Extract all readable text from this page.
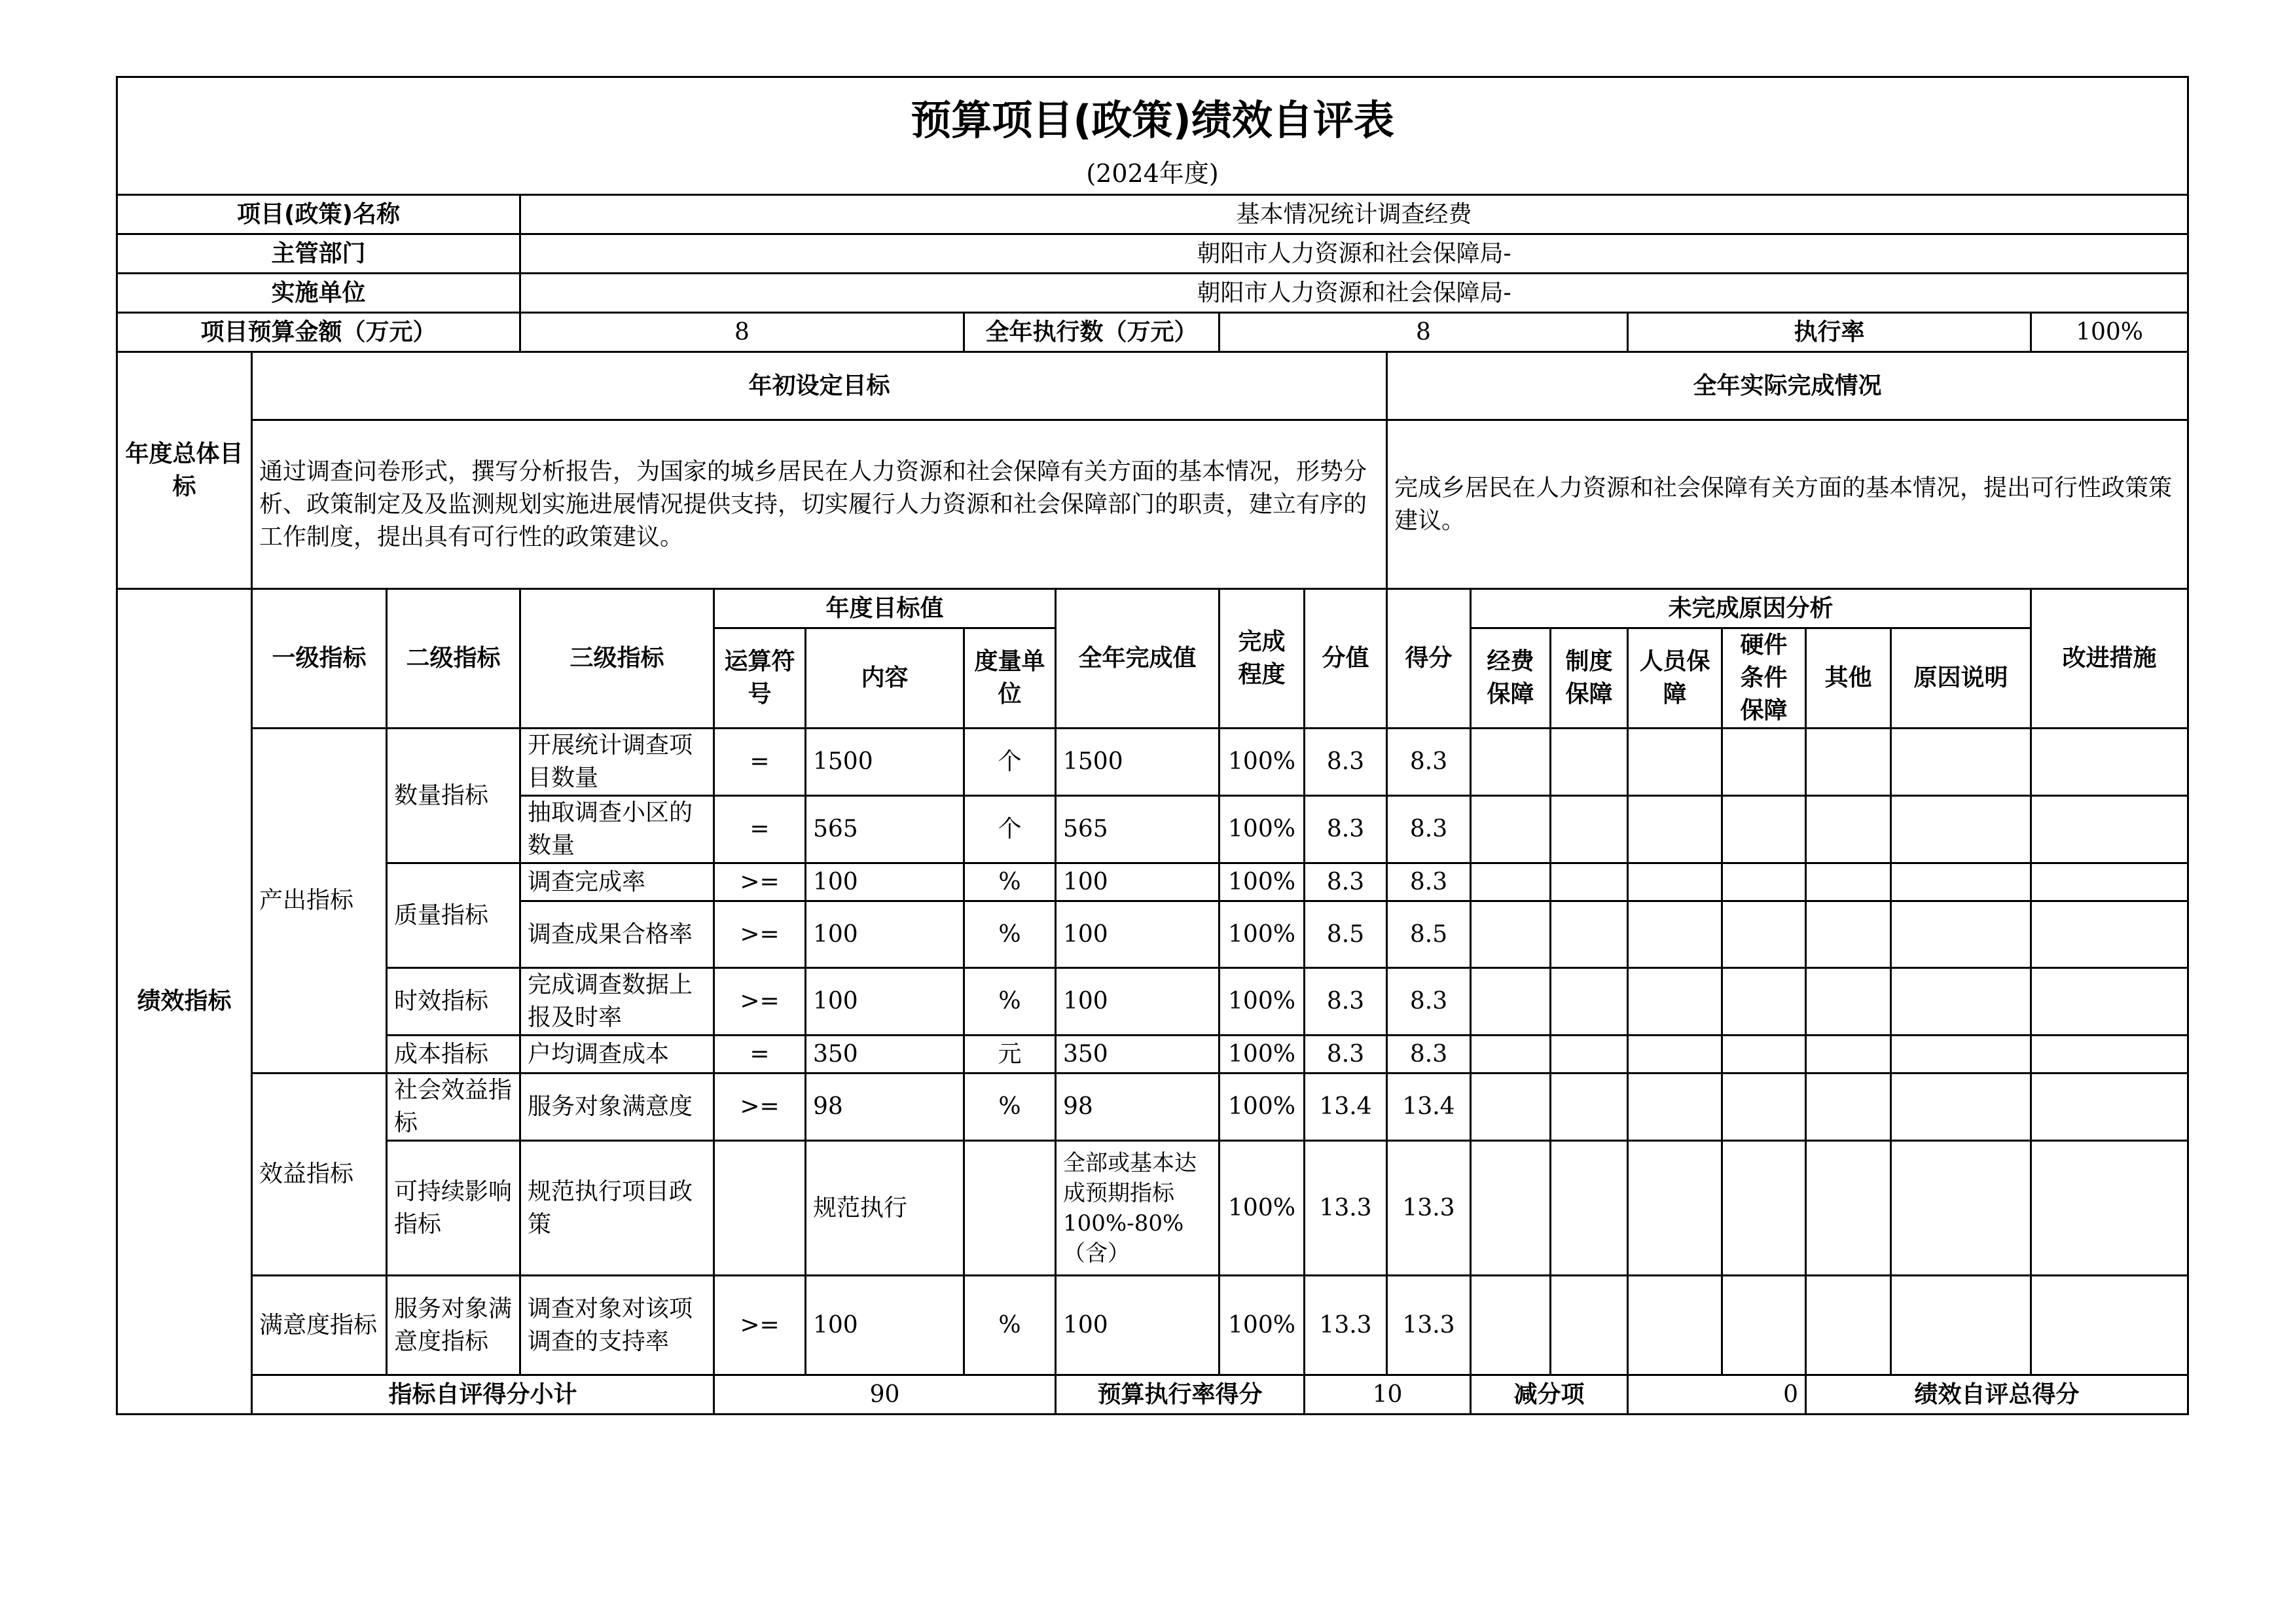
预算项目(政策)绩效自评表																		
(2024年度)																		
项目(政策)名称			基本情况统计调查经费															
主管部门			朝阳市人力资源和社会保障局-															
实施单位			朝阳市人力资源和社会保障局-															
项目预算金额（万元）			8			全年执行数（万元）		8					执行率				100%	
年度总体目标	年初设定目标									全年实际完成情况								
	通过调查问卷形式，撰写分析报告，为国家的城乡居民在人力资源和社会保障有关方面的基本情况，形势分析、政策制定及及监测规划实施进展情况提供支持，切实履行人力资源和社会保障部门的职责，建立有序的工作制度，提出具有可行性的政策建议。									完成乡居民在人力资源和社会保障有关方面的基本情况，提出可行性政策策建议。								
绩效指标	一级指标	二级指标	三级指标	年度目标值			全年完成值	完成程度	分值	得分	未完成原因分析						改进措施	
				运算符号	内容	度量单位					经费保障	制度保障	人员保障	硬件条件保障	其他	原因说明		
	产出指标	数量指标	开展统计调查项目数量	=	1500	个	1500	100%	8.3	8.3								
			抽取调查小区的数量	=	565	个	565	100%	8.3	8.3								
		质量指标	调查完成率	>=	100	%	100	100%	8.3	8.3								
			调查成果合格率	>=	100	%	100	100%	8.5	8.5								
		时效指标	完成调查数据上报及时率	>=	100	%	100	100%	8.3	8.3								
		成本指标	户均调查成本	=	350	元	350	100%	8.3	8.3								
	效益指标	社会效益指标	服务对象满意度	>=	98	%	98	100%	13.4	13.4								
		可持续影响指标	规范执行项目政策		规范执行		全部或基本达成预期指标100%-80%（含）	100%	13.3	13.3								
	满意度指标	服务对象满意度指标	调查对象对该项调查的支持率	>=	100	%	100	100%	13.3	13.3								
	指标自评得分小计			90			预算执行率得分		10		减分项		0		绩效自评总得分	
